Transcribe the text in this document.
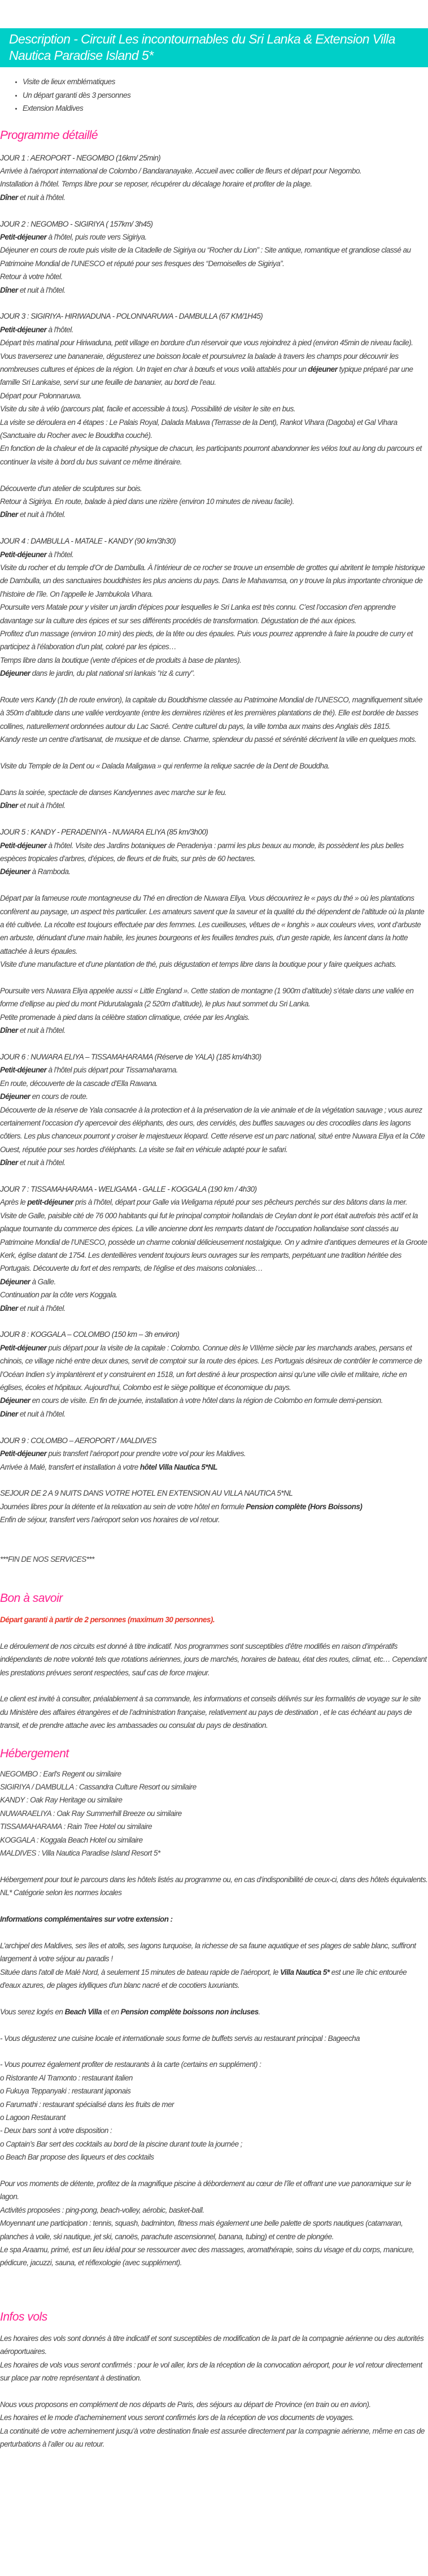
Description - Circuit Les incontournables du Sri Lanka & Extension Villa Nautica Paradise Island 5*
• Visite de lieux emblématiques
• Un départ garanti dès 3 personnes
• Extension Maldives
Programme détaillé

JOUR 1 : AEROPORT - NEGOMBO (16km/ 25min)

Arrivée à l'aéroport international de Colombo / Bandaranayake. Accueil avec collier de fleurs et départ pour Negombo.

Installation à l'hôtel. Temps libre pour se reposer, récupérer du décalage horaire et profiter de la plage.

Dîner et nuit à l'hôtel.

JOUR 2 : NEGOMBO - SIGIRIYA ( 157km/ 3h45)

Petit-déjeuner à l'hôtel, puis route vers Sigiriya.

Déjeuner en cours de route puis visite de la Citadelle de Sigiriya ou “Rocher du Lion” : Site antique, romantique et grandiose classé au Patrimoine Mondial de l’UNESCO et réputé pour ses fresques des “Demoiselles de Sigiriya”.

Retour à votre hôtel.

Dîner et nuit à l’hôtel.

JOUR 3 : SIGIRIYA- HIRIWADUNA - POLONNARUWA - DAMBULLA (67 KM/1H45)

Petit-déjeuner à l'hôtel.

Départ très matinal pour Hiriwaduna, petit village en bordure d’un réservoir que vous rejoindrez à pied (environ 45min de niveau facile). Vous traverserez une bananeraie, dégusterez une boisson locale et poursuivrez la balade à travers les champs pour découvrir les nombreuses cultures et épices de la région. Un trajet en char à bœufs et vous voilà attablés pour un déjeuner typique préparé par une famille Sri Lankaise, servi sur une feuille de bananier, au bord de l’eau.

Départ pour Polonnaruwa.

Visite du site à vélo (parcours plat, facile et accessible à tous). Possibilité de visiter le site en bus.

La visite se déroulera en 4 étapes : Le Palais Royal, Dalada Maluwa (Terrasse de la Dent), Rankot Vihara (Dagoba) et Gal Vihara (Sanctuaire du Rocher avec le Bouddha couché).

En fonction de la chaleur et de la capacité physique de chacun, les participants pourront abandonner les vélos tout au long du parcours et continuer la visite à bord du bus suivant ce même itinéraire.

Découverte d'un atelier de sculptures sur bois.

Retour à Sigiriya. En route, balade à pied dans une rizière (environ 10 minutes de niveau facile).

Dîner et nuit à l’hôtel.

JOUR 4 : DAMBULLA - MATALE - KANDY (90 km/3h30)

Petit-déjeuner à l’hôtel.

Visite du rocher et du temple d’Or de Dambulla. À l’intérieur de ce rocher se trouve un ensemble de grottes qui abritent le temple historique de Dambulla, un des sanctuaires bouddhistes les plus anciens du pays. Dans le Mahavamsa, on y trouve la plus importante chronique de l’histoire de l’île. On l’appelle le Jambukola Vihara.

Poursuite vers Matale pour y visiter un jardin d'épices pour lesquelles le Sri Lanka est très connu. C’est l’occasion d’en apprendre davantage sur la culture des épices et sur ses différents procédés de transformation. Dégustation de thé aux épices.

Profitez d’un massage (environ 10 min) des pieds, de la tête ou des épaules. Puis vous pourrez apprendre à faire la poudre de curry et participez à l’élaboration d’un plat, coloré par les épices…

Temps libre dans la boutique (vente d’épices et de produits à base de plantes).

Déjeuner dans le jardin, du plat national sri lankais "riz & curry".

Route vers Kandy (1h de route environ), la capitale du Bouddhisme classée au Patrimoine Mondial de l’UNESCO, magnifiquement située à 350m d’altitude dans une vallée verdoyante (entre les dernières rizières et les premières plantations de thé). Elle est bordée de basses collines, naturellement ordonnées autour du Lac Sacré. Centre culturel du pays, la ville tomba aux mains des Anglais dès 1815.

Kandy reste un centre d’artisanat, de musique et de danse. Charme, splendeur du passé et sérénité décrivent la ville en quelques mots.

Visite du Temple de la Dent ou « Dalada Maligawa » qui renferme la relique sacrée de la Dent de Bouddha.

Dans la soirée, spectacle de danses Kandyennes avec marche sur le feu.

Dîner et nuit à l’hôtel.

JOUR 5 : KANDY - PERADENIYA - NUWARA ELIYA (85 km/3h00)

Petit-déjeuner à l'hôtel. Visite des Jardins botaniques de Peradeniya : parmi les plus beaux au monde, ils possèdent les plus belles espèces tropicales d’arbres, d’épices, de fleurs et de fruits, sur près de 60 hectares.

Déjeuner à Ramboda.

Départ par la fameuse route montagneuse du Thé en direction de Nuwara Eliya. Vous découvrirez le « pays du thé » où les plantations confèrent au paysage, un aspect très particulier. Les amateurs savent que la saveur et la qualité du thé dépendent de l’altitude où la plante a été cultivée. La récolte est toujours effectuée par des femmes. Les cueilleuses, vêtues de « longhis » aux couleurs vives, vont d’arbuste en arbuste, dénudant d’une main habile, les jeunes bourgeons et les feuilles tendres puis, d’un geste rapide, les lancent dans la hotte attachée à leurs épaules.

Visite d’une manufacture et d’une plantation de thé, puis dégustation et temps libre dans la boutique pour y faire quelques achats.

Poursuite vers Nuwara Eliya appelée aussi « Little England ». Cette station de montagne (1 900m d’altitude) s’étale dans une vallée en forme d’ellipse au pied du mont Pidurutalagala (2 520m d’altitude), le plus haut sommet du Sri Lanka.

Petite promenade à pied dans la célèbre station climatique, créée par les Anglais.

Dîner et nuit à l’hôtel.

JOUR 6 : NUWARA ELIYA – TISSAMAHARAMA (Réserve de YALA) (185 km/4h30)

Petit-déjeuner à l’hôtel puis départ pour Tissamaharama.

En route, découverte de la cascade d’Ella Rawana.

Déjeuner en cours de route.

Découverte de la réserve de Yala consacrée à la protection et à la préservation de la vie animale et de la végétation sauvage ; vous aurez certainement l’occasion d’y apercevoir des éléphants, des ours, des cervidés, des buffles sauvages ou des crocodiles dans les lagons côtiers. Les plus chanceux pourront y croiser le majestueux léopard. Cette réserve est un parc national, situé entre Nuwara Eliya et la Côte Ouest, réputée pour ses hordes d’éléphants. La visite se fait en véhicule adapté pour le safari.

Dîner et nuit à l’hôtel.

JOUR 7 : TISSAMAHARAMA - WELIGAMA - GALLE - KOGGALA (190 km / 4h30)

Après le petit-déjeuner pris à l’hôtel, départ pour Galle via Weligama réputé pour ses pêcheurs perchés sur des bâtons dans la mer.

Visite de Galle, paisible cité de 76 000 habitants qui fut le principal comptoir hollandais de Ceylan dont le port était autrefois très actif et la plaque tournante du commerce des épices. La ville ancienne dont les remparts datant de l’occupation hollandaise sont classés au Patrimoine Mondial de l’UNESCO, possède un charme colonial délicieusement nostalgique. On y admire d’antiques demeures et la Groote Kerk, église datant de 1754. Les dentellières vendent toujours leurs ouvrages sur les remparts, perpétuant une tradition héritée des Portugais. Découverte du fort et des remparts, de l'église et des maisons coloniales…

Déjeuner à Galle.

Continuation par la côte vers Koggala.

Dîner et nuit à l’hôtel.

JOUR 8 : KOGGALA – COLOMBO (150 km – 3h environ)

Petit-déjeuner puis départ pour la visite de la capitale : Colombo. Connue dès le VIIIème siècle par les marchands arabes, persans et chinois, ce village niché entre deux dunes, servit de comptoir sur la route des épices. Les Portugais désireux de contrôler le commerce de l’Océan Indien s’y implantèrent et y construirent en 1518, un fort destiné à leur prospection ainsi qu’une ville civile et militaire, riche en églises, écoles et hôpitaux. Aujourd’hui, Colombo est le siège politique et économique du pays.

Déjeuner en cours de visite. En fin de journée, installation à votre hôtel dans la région de Colombo en formule demi-pension.

Diner et nuit à l’hôtel.

JOUR 9 : COLOMBO – AEROPORT / MALDIVES

Petit-déjeuner puis transfert l’aéroport pour prendre votre vol pour les Maldives.

Arrivée à Malé, transfert et installation à votre hôtel Villa Nautica 5*NL

SEJOUR DE 2 A 9 NUITS DANS VOTRE HOTEL EN EXTENSION AU VILLA NAUTICA 5*NL

Journées libres pour la détente et la relaxation au sein de votre hôtel en formule Pension complète (Hors Boissons)

Enfin de séjour, transfert vers l’aéroport selon vos horaires de vol retour.

***FIN DE NOS SERVICES***

Bon à savoir

Départ garanti à partir de 2 personnes (maximum 30 personnes).

Le déroulement de nos circuits est donné à titre indicatif. Nos programmes sont susceptibles d’être modifiés en raison d’impératifs indépendants de notre volonté tels que rotations aériennes, jours de marchés, horaires de bateau, état des routes, climat, etc… Cependant les prestations prévues seront respectées, sauf cas de force majeur.

Le client est invité à consulter, préalablement à sa commande, les informations et conseils délivrés sur les formalités de voyage sur le site du Ministère des affaires étrangères et de l’administration française, relativement au pays de destination , et le cas échéant au pays de transit, et de prendre attache avec les ambassades ou consulat du pays de destination.

Hébergement

NEGOMBO : Earl's Regent ou similaire

SIGIRIYA / DAMBULLA : Cassandra Culture Resort ou similaire

KANDY : Oak Ray Heritage ou similaire

NUWARAELIYA : Oak Ray Summerhill Breeze ou similaire

TISSAMAHARAMA : Rain Tree Hotel ou similaire

KOGGALA : Koggala Beach Hotel ou similaire

MALDIVES : Villa Nautica Paradise Island Resort 5*

Hébergement pour tout le parcours dans les hôtels listés au programme ou, en cas d’indisponibilité de ceux-ci, dans des hôtels équivalents.

NL* Catégorie selon les normes locales

Informations complémentaires sur votre extension :

L’archipel des Maldives, ses îles et atolls, ses lagons turquoise, la richesse de sa faune aquatique et ses plages de sable blanc, suffiront largement à votre séjour au paradis !

Située dans l'atoll de Malé Nord, à seulement 15 minutes de bateau rapide de l’aéroport, le Villa Nautica 5* est une île chic entourée d'eaux azures, de plages idylliques d'un blanc nacré et de cocotiers luxuriants.

Vous serez logés en Beach Villa et en Pension complète boissons non incluses.

- Vous dégusterez une cuisine locale et internationale sous forme de buffets servis au restaurant principal : Bageecha

- Vous pourrez également profiter de restaurants à la carte (certains en supplément) :

o Ristorante Al Tramonto : restaurant italien

o Fukuya Teppanyaki : restaurant japonais

o Farumathi : restaurant spécialisé dans les fruits de mer

o Lagoon Restaurant

- Deux bars sont à votre disposition :

o Captain’s Bar sert des cocktails au bord de la piscine durant toute la journée ;

o Beach Bar propose des liqueurs et des cocktails

Pour vos moments de détente, profitez de la magnifique piscine à débordement au cœur de l’île et offrant une vue panoramique sur le lagon.

Activités proposées : ping-pong, beach-volley, aérobic, basket-ball.

Moyennant une participation : tennis, squash, badminton, fitness mais également une belle palette de sports nautiques (catamaran, planches à voile, ski nautique, jet ski, canoës, parachute ascensionnel, banana, tubing) et centre de plongée.

Le spa Araamu, primé, est un lieu idéal pour se ressourcer avec des massages, aromathérapie, soins du visage et du corps, manicure, pédicure, jacuzzi, sauna, et réflexologie (avec supplément).

Infos vols

Les horaires des vols sont donnés à titre indicatif et sont susceptibles de modification de la part de la compagnie aérienne ou des autorités aéroportuaires.

Les horaires de vols vous seront confirmés : pour le vol aller, lors de la réception de la convocation aéroport, pour le vol retour directement sur place par notre représentant à destination.

Nous vous proposons en complément de nos départs de Paris, des séjours au départ de Province (en train ou en avion).

Les horaires et le mode d’acheminement vous seront confirmés lors de la réception de vos documents de voyages.

La continuité de votre acheminement jusqu’à votre destination finale est assurée directement par la compagnie aérienne, même en cas de perturbations à l’aller ou au retour.
